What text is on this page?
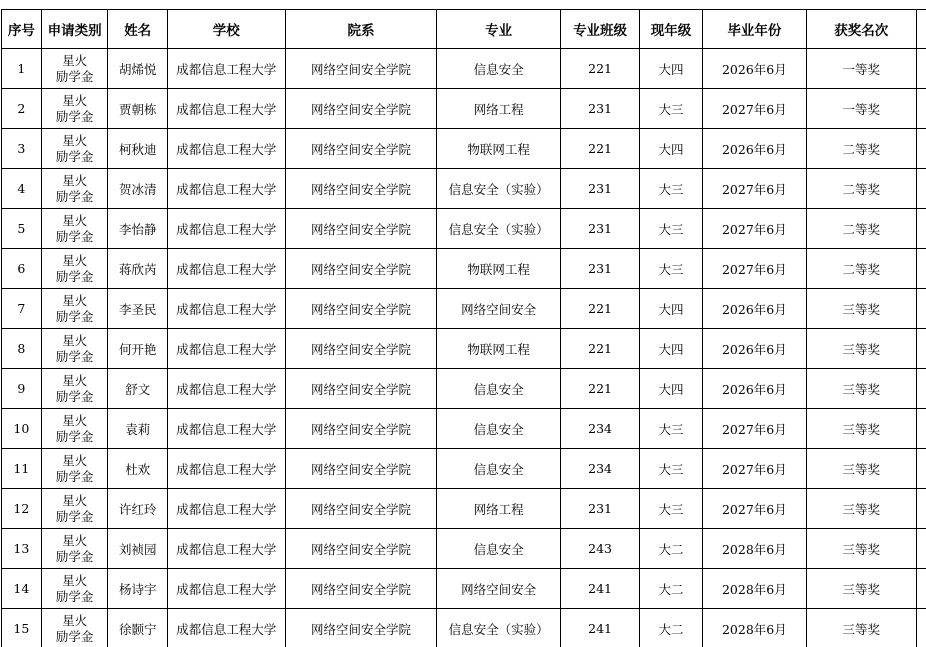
序号	申请类别	姓名	学校	院系	专业	专业班级	现年级	毕业年份	获奖名次	
1	星火
励学金	胡烯悦	成都信息工程大学	网络空间安全学院	信息安全	221	大四	2026年6月	一等奖	
2	星火
励学金	贾朝栋	成都信息工程大学	网络空间安全学院	网络工程	231	大三	2027年6月	一等奖	
3	星火
励学金	柯秋迪	成都信息工程大学	网络空间安全学院	物联网工程	221	大四	2026年6月	二等奖	
4	星火
励学金	贺冰清	成都信息工程大学	网络空间安全学院	信息安全（实验）	231	大三	2027年6月	二等奖	
5	星火
励学金	李怡静	成都信息工程大学	网络空间安全学院	信息安全（实验）	231	大三	2027年6月	二等奖	
6	星火
励学金	蒋欣芮	成都信息工程大学	网络空间安全学院	物联网工程	231	大三	2027年6月	二等奖	
7	星火
励学金	李圣民	成都信息工程大学	网络空间安全学院	网络空间安全	221	大四	2026年6月	三等奖	
8	星火
励学金	何开艳	成都信息工程大学	网络空间安全学院	物联网工程	221	大四	2026年6月	三等奖	
9	星火
励学金	舒文	成都信息工程大学	网络空间安全学院	信息安全	221	大四	2026年6月	三等奖	
10	星火
励学金	袁莉	成都信息工程大学	网络空间安全学院	信息安全	234	大三	2027年6月	三等奖	
11	星火
励学金	杜欢	成都信息工程大学	网络空间安全学院	信息安全	234	大三	2027年6月	三等奖	
12	星火
励学金	许红玲	成都信息工程大学	网络空间安全学院	网络工程	231	大三	2027年6月	三等奖	
13	星火
励学金	刘祯园	成都信息工程大学	网络空间安全学院	信息安全	243	大二	2028年6月	三等奖	
14	星火
励学金	杨诗宇	成都信息工程大学	网络空间安全学院	网络空间安全	241	大二	2028年6月	三等奖	
15	星火
励学金	徐颢宁	成都信息工程大学	网络空间安全学院	信息安全（实验）	241	大二	2028年6月	三等奖	
